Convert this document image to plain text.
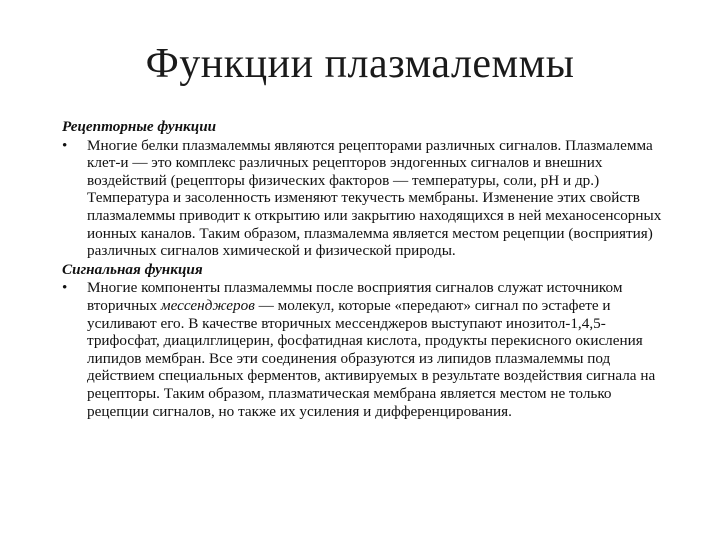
Функции плазмалеммы
Рецепторные функции
• Многие белки плазмалеммы являются рецепторами различных сигналов. Плазмалемма клет-и — это комплекс различных рецепторов эндогенных сигналов и внешних воздействий (рецепторы физических факторов — температуры, соли, pH и др.) Температура и засоленность изменяют текучесть мембраны. Изменение этих свойств плазмалеммы приводит к открытию или закрытию находящихся в ней механосенсорных ионных каналов. Таким образом, плазмалемма является местом рецепции (восприятия) различных сигналов химической и физической природы.
Сигнальная функция
• Многие компоненты плазмалеммы после восприятия сигналов служат источником вторичных мессенджеров — молекул, которые «передают» сигнал по эстафете и усиливают его. В качестве вторичных мессенджеров выступают инозитол-1,4,5-трифосфат, диацилглицерин, фосфатидная кислота, продукты перекисного окисления липидов мембран. Все эти соединения образуются из липидов плазмалеммы под действием специальных ферментов, активируемых в результате воздействия сигнала на рецепторы. Таким образом, плазматическая мембрана является местом не только рецепции сигналов, но также их усиления и дифференцирования.
